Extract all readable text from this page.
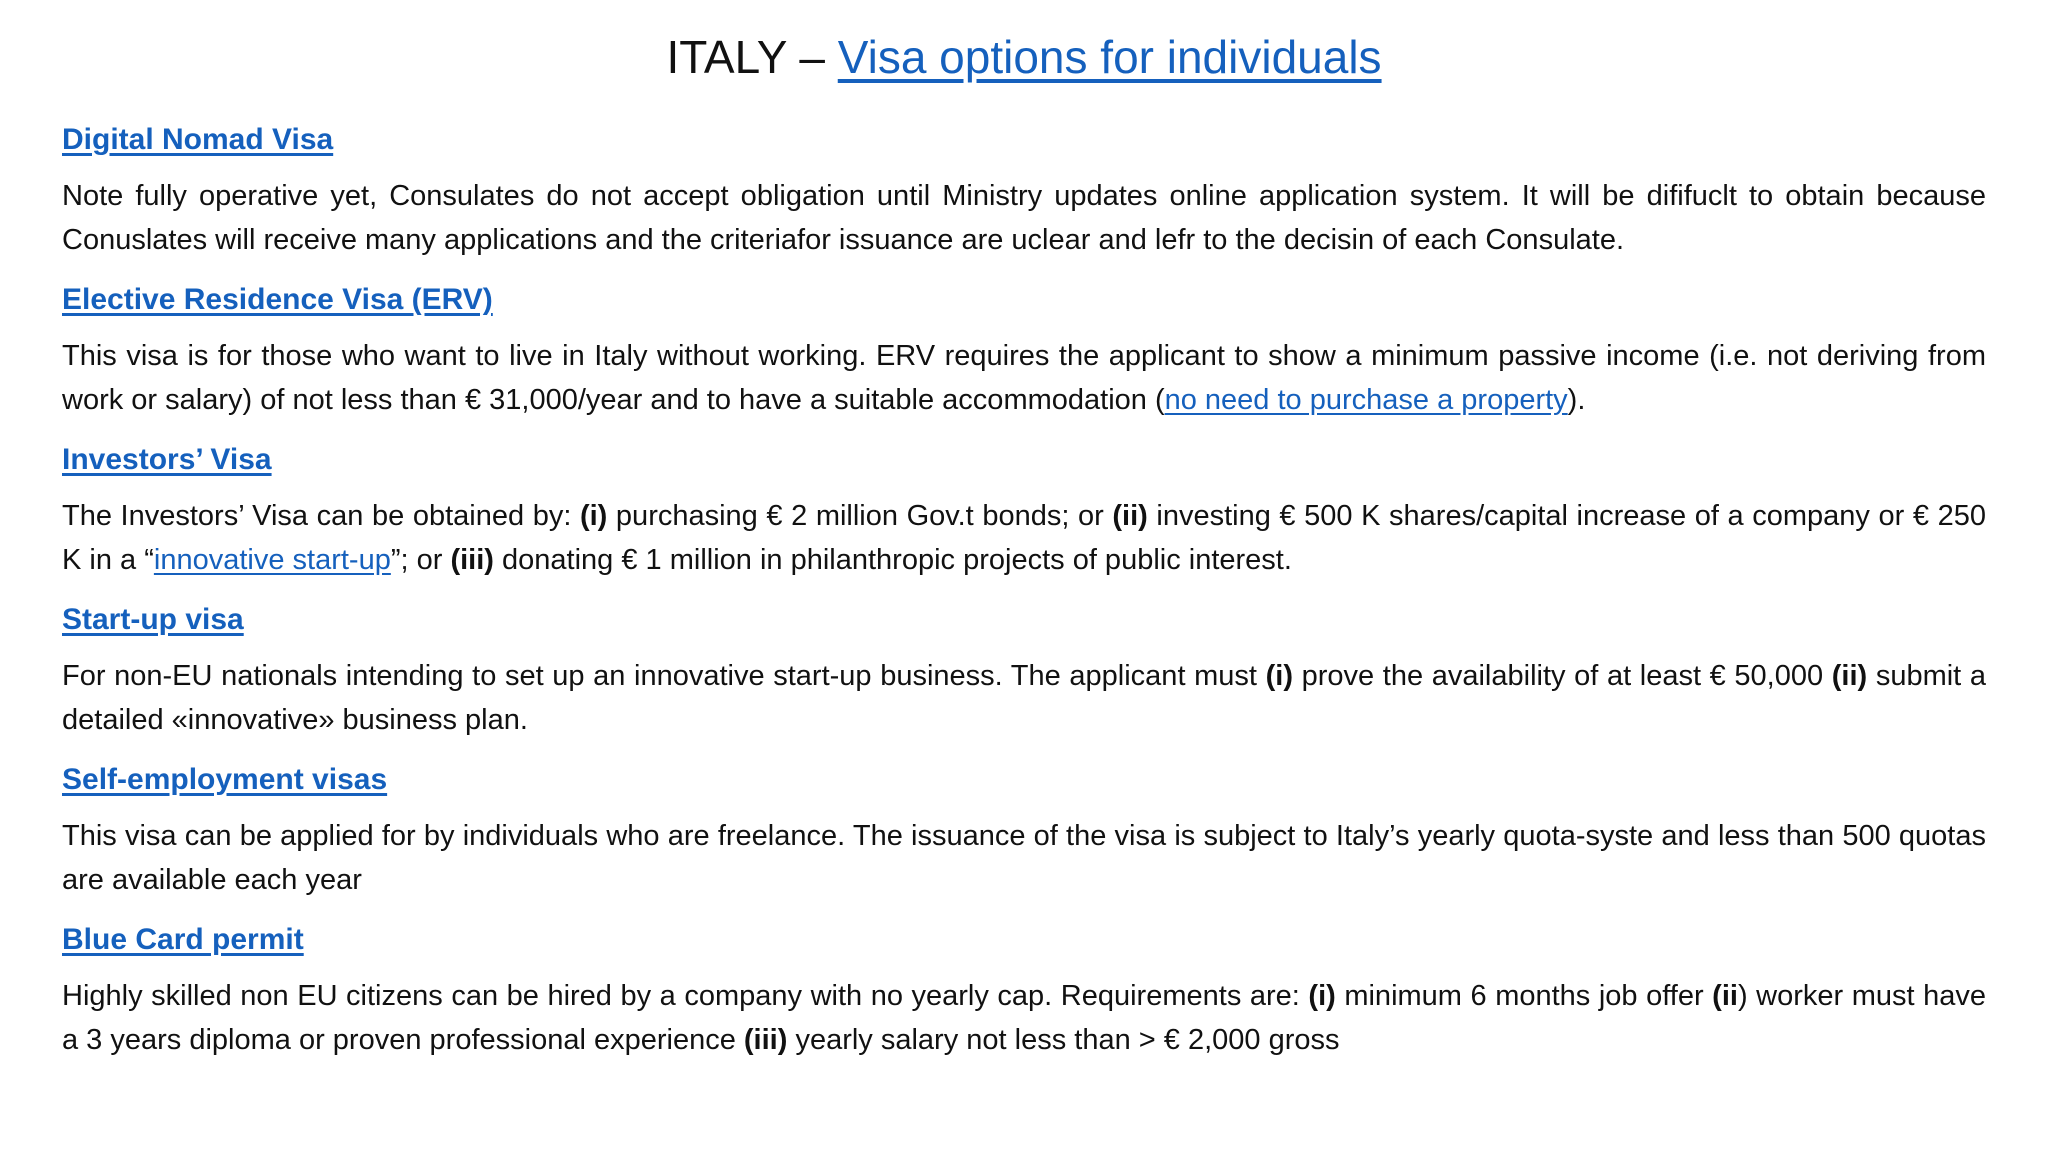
ITALY – Visa options for individuals
Digital Nomad Visa

Note fully operative yet, Consulates do not accept obligation until Ministry updates online application system. It will be dififuclt to obtain because Conuslates will receive many applications and the criteriafor issuance are uclear and lefr to the decisin of each Consulate.

Elective Residence Visa (ERV)

This visa is for those who want to live in Italy without working. ERV requires the applicant to show a minimum passive income (i.e. not deriving from work or salary) of not less than € 31,000/year and to have a suitable accommodation (no need to purchase a property).

Investors’ Visa

The Investors’ Visa can be obtained by: (i) purchasing € 2 million Gov.t bonds; or (ii) investing € 500 K shares/capital increase of a company or € 250 K in a “innovative start-up”; or (iii) donating € 1 million in philanthropic projects of public interest.

Start-up visa

For non-EU nationals intending to set up an innovative start-up business. The applicant must (i) prove the availability of at least € 50,000 (ii) submit a detailed «innovative» business plan.

Self-employment visas

This visa can be applied for by individuals who are freelance. The issuance of the visa is subject to Italy’s yearly quota-syste and less than 500 quotas are available each year

Blue Card permit

Highly skilled non EU citizens can be hired by a company with no yearly cap. Requirements are: (i) minimum 6 months job offer (ii) worker must have a 3 years diploma or proven professional experience (iii) yearly salary not less than > € 2,000 gross
